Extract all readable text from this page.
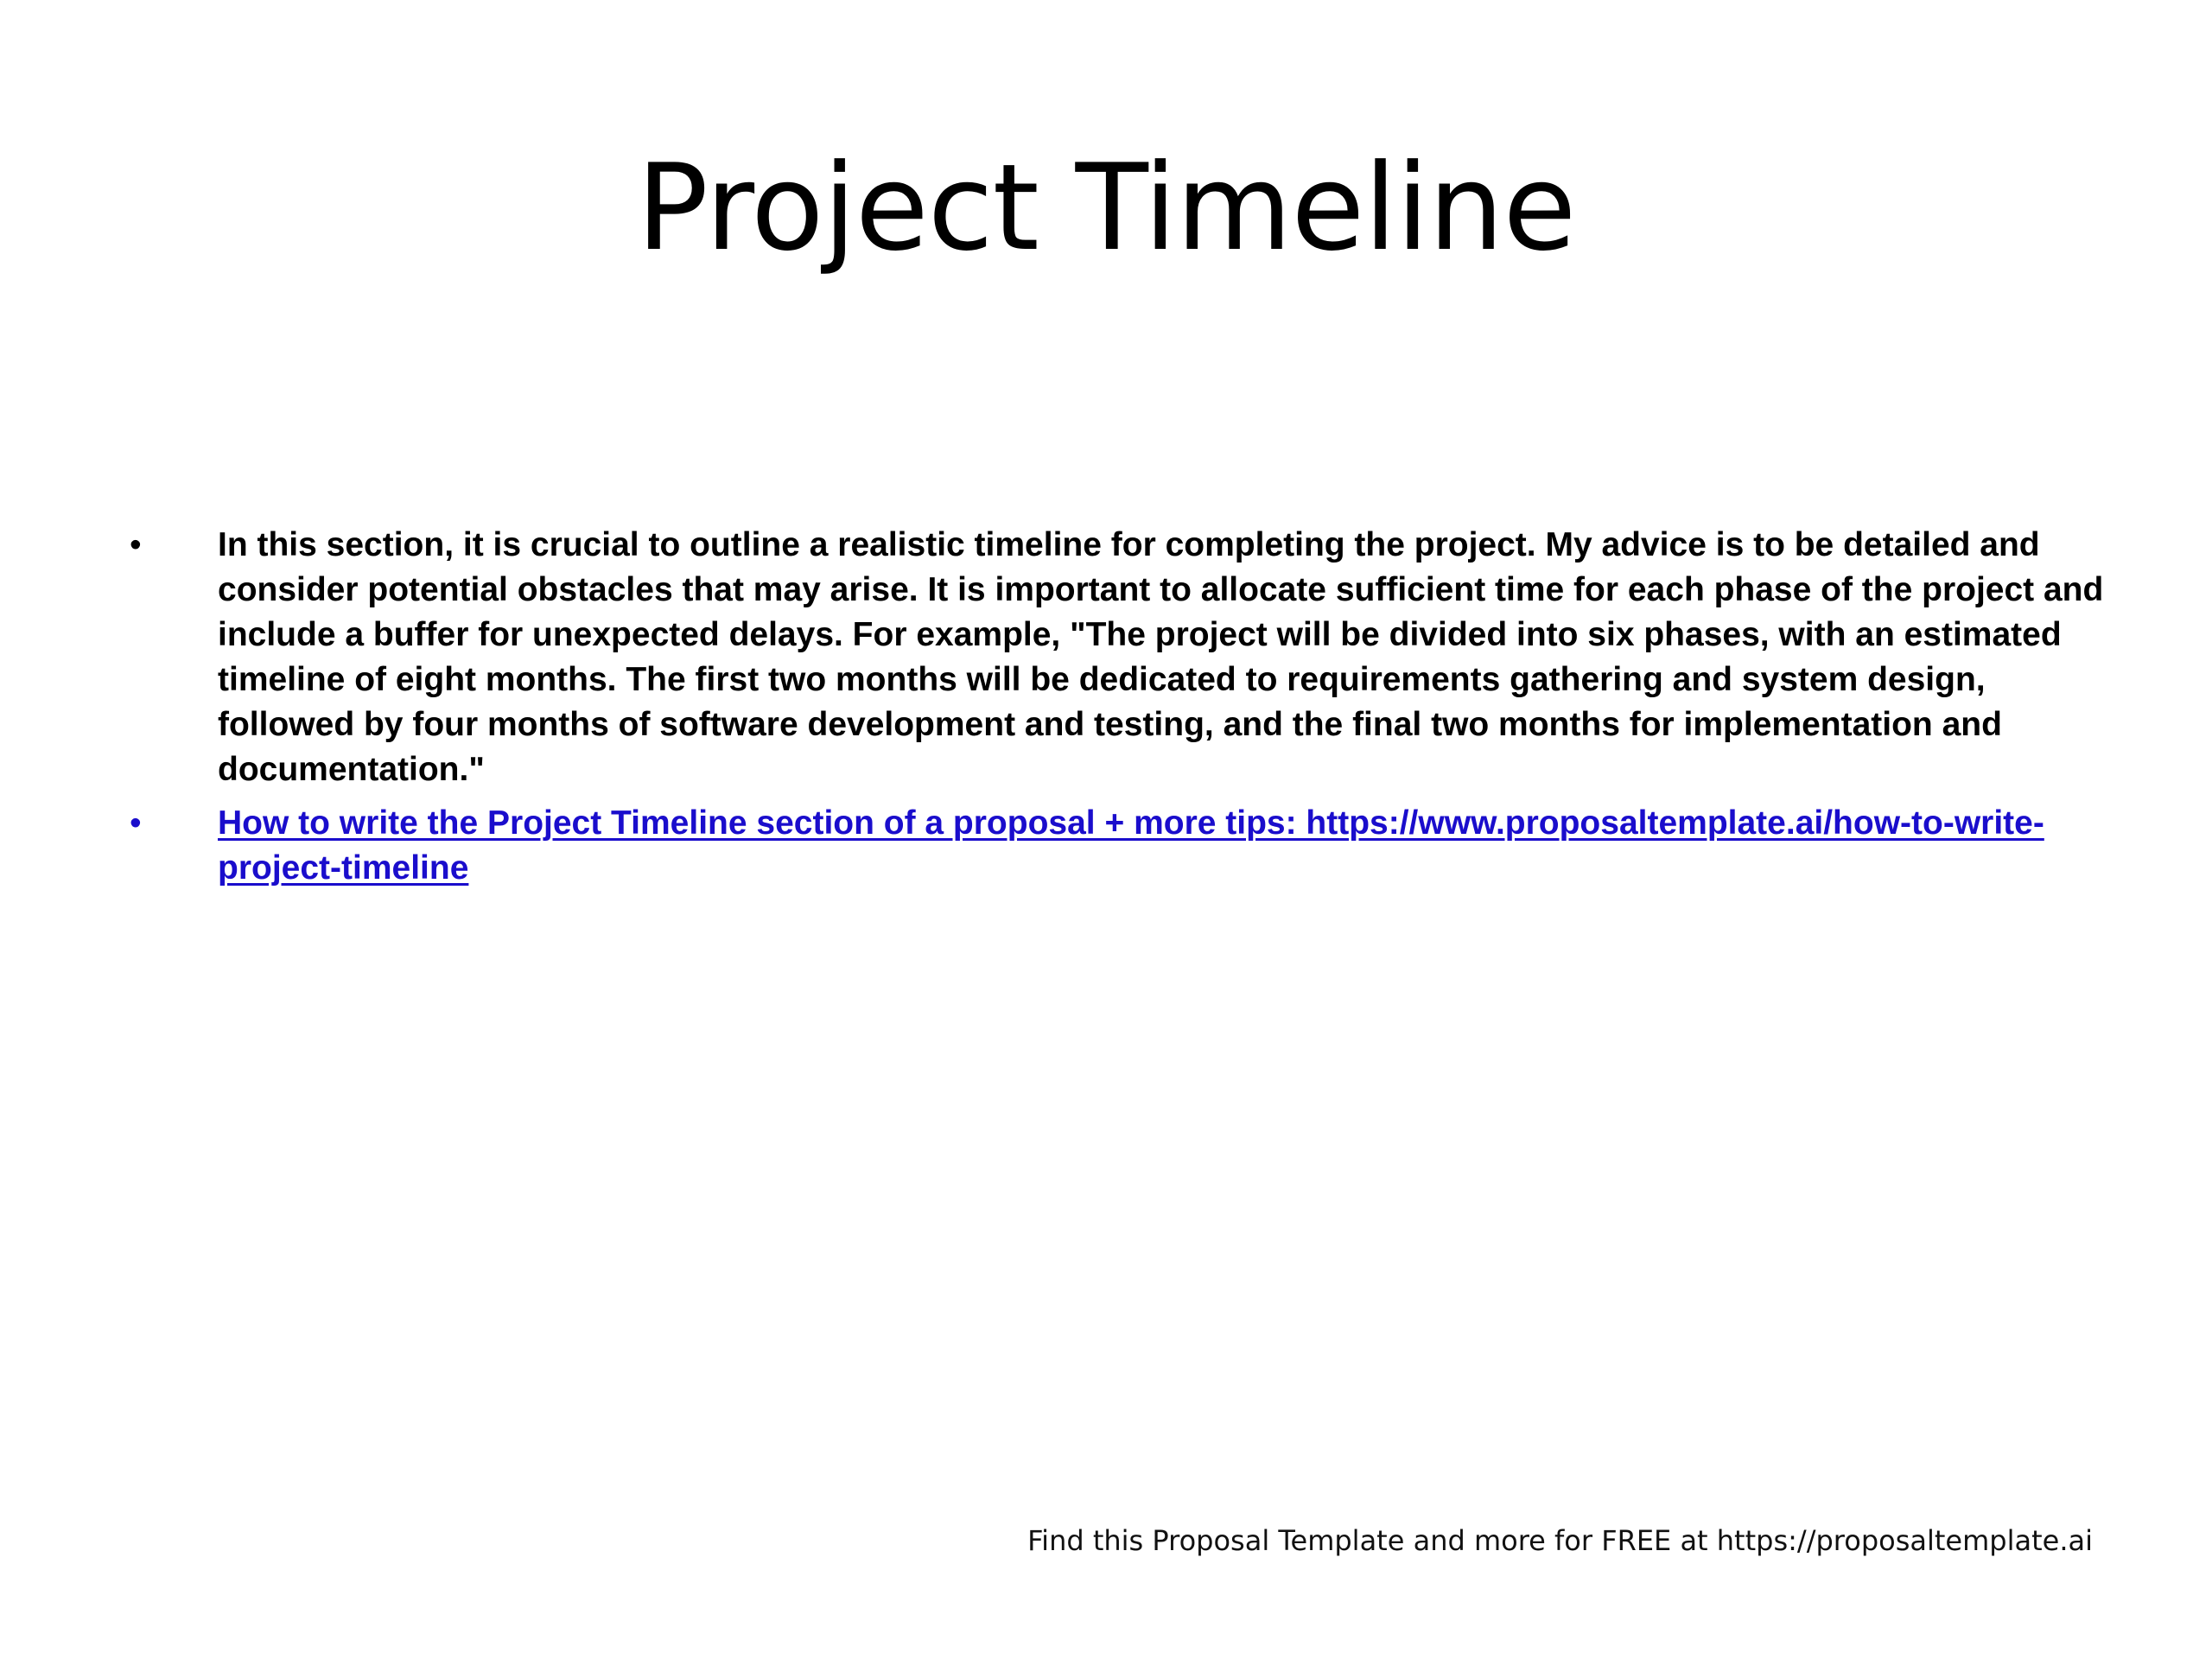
Project Timeline
•	In this section, it is crucial to outline a realistic timeline for completing the project. My advice is to be detailed and consider potential obstacles that may arise. It is important to allocate sufficient time for each phase of the project and include a buffer for unexpected delays. For example, "The project will be divided into six phases, with an estimated timeline of eight months. The first two months will be dedicated to requirements gathering and system design, followed by four months of software development and testing, and the final two months for implementation and documentation."
•	How to write the Project Timeline section of a proposal + more tips: https://www.proposaltemplate.ai/how-to-write-project-timeline
Find this Proposal Template and more for FREE at https://proposaltemplate.ai
